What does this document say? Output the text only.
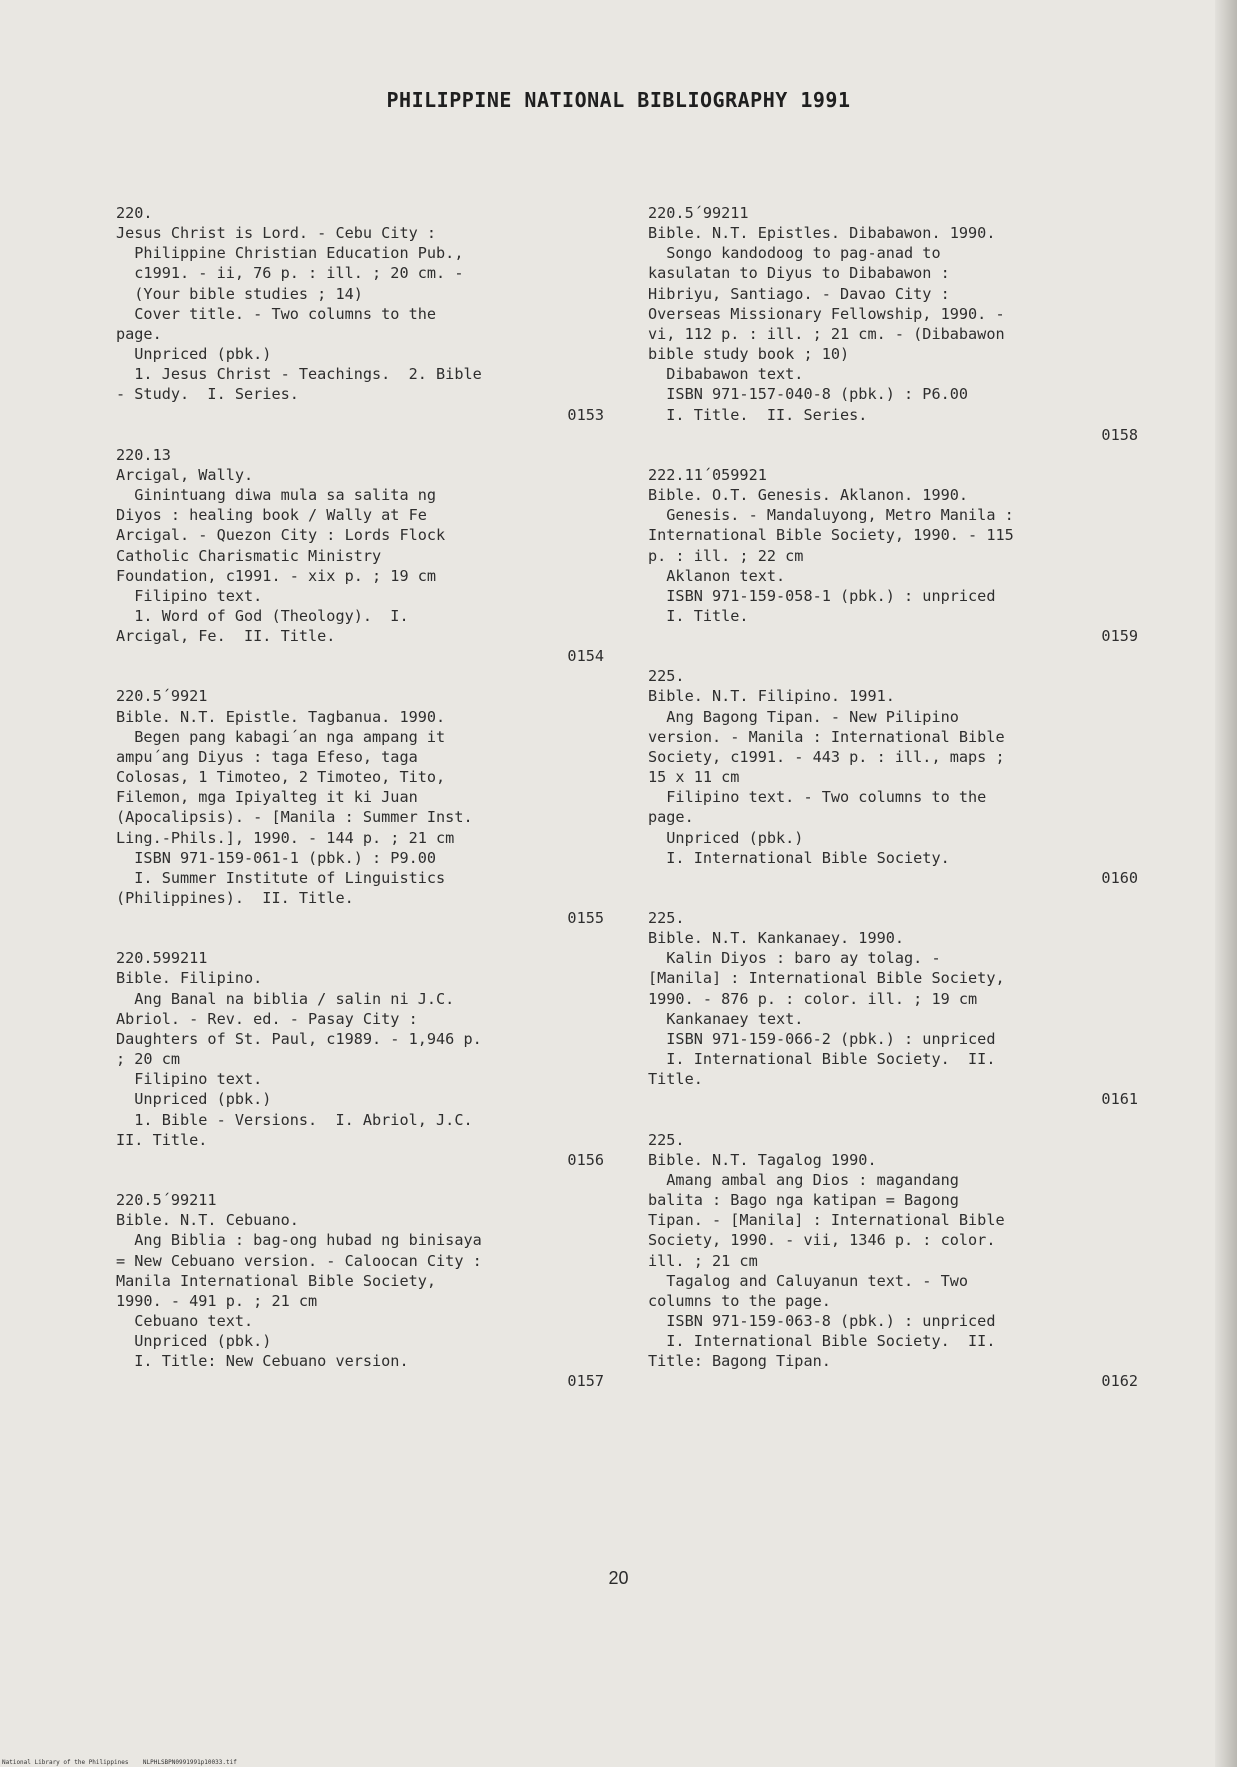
PHILIPPINE NATIONAL BIBLIOGRAPHY 1991
220.
Jesus Christ is Lord. - Cebu City :
Philippine Christian Education Pub.,
c1991. - ii, 76 p. : ill. ; 20 cm. -
(Your bible studies ; 14)
Cover title. - Two columns to the
page.
Unpriced (pbk.)
1. Jesus Christ - Teachings.  2. Bible
- Study.  I. Series.
0153
220.13
Arcigal, Wally.
Ginintuang diwa mula sa salita ng
Diyos : healing book / Wally at Fe
Arcigal. - Quezon City : Lords Flock
Catholic Charismatic Ministry
Foundation, c1991. - xix p. ; 19 cm
Filipino text.
1. Word of God (Theology).  I.
Arcigal, Fe.  II. Title.
0154
220.5´9921
Bible. N.T. Epistle. Tagbanua. 1990.
Begen pang kabagi´an nga ampang it
ampu´ang Diyus : taga Efeso, taga
Colosas, 1 Timoteo, 2 Timoteo, Tito,
Filemon, mga Ipiyalteg it ki Juan
(Apocalipsis). - [Manila : Summer Inst.
Ling.-Phils.], 1990. - 144 p. ; 21 cm
ISBN 971-159-061-1 (pbk.) : P9.00
I. Summer Institute of Linguistics
(Philippines).  II. Title.
0155
220.599211
Bible. Filipino.
Ang Banal na biblia / salin ni J.C.
Abriol. - Rev. ed. - Pasay City :
Daughters of St. Paul, c1989. - 1,946 p.
; 20 cm
Filipino text.
Unpriced (pbk.)
1. Bible - Versions.  I. Abriol, J.C.
II. Title.
0156
220.5´99211
Bible. N.T. Cebuano.
Ang Biblia : bag-ong hubad ng binisaya
= New Cebuano version. - Caloocan City :
Manila International Bible Society,
1990. - 491 p. ; 21 cm
Cebuano text.
Unpriced (pbk.)
I. Title: New Cebuano version.
0157
220.5´99211
Bible. N.T. Epistles. Dibabawon. 1990.
Songo kandodoog to pag-anad to
kasulatan to Diyus to Dibabawon :
Hibriyu, Santiago. - Davao City :
Overseas Missionary Fellowship, 1990. -
vi, 112 p. : ill. ; 21 cm. - (Dibabawon
bible study book ; 10)
Dibabawon text.
ISBN 971-157-040-8 (pbk.) : P6.00
I. Title.  II. Series.
0158
222.11´059921
Bible. O.T. Genesis. Aklanon. 1990.
Genesis. - Mandaluyong, Metro Manila :
International Bible Society, 1990. - 115
p. : ill. ; 22 cm
Aklanon text.
ISBN 971-159-058-1 (pbk.) : unpriced
I. Title.
0159
225.
Bible. N.T. Filipino. 1991.
Ang Bagong Tipan. - New Pilipino
version. - Manila : International Bible
Society, c1991. - 443 p. : ill., maps ;
15 x 11 cm
Filipino text. - Two columns to the
page.
Unpriced (pbk.)
I. International Bible Society.
0160
225.
Bible. N.T. Kankanaey. 1990.
Kalin Diyos : baro ay tolag. -
[Manila] : International Bible Society,
1990. - 876 p. : color. ill. ; 19 cm
Kankanaey text.
ISBN 971-159-066-2 (pbk.) : unpriced
I. International Bible Society.  II.
Title.
0161
225.
Bible. N.T. Tagalog 1990.
Amang ambal ang Dios : magandang
balita : Bago nga katipan = Bagong
Tipan. - [Manila] : International Bible
Society, 1990. - vii, 1346 p. : color.
ill. ; 21 cm
Tagalog and Caluyanun text. - Two
columns to the page.
ISBN 971-159-063-8 (pbk.) : unpriced
I. International Bible Society.  II.
Title: Bagong Tipan.
0162
20
National Library of the Philippines    NLPHLSBPN0991991p10033.tif
